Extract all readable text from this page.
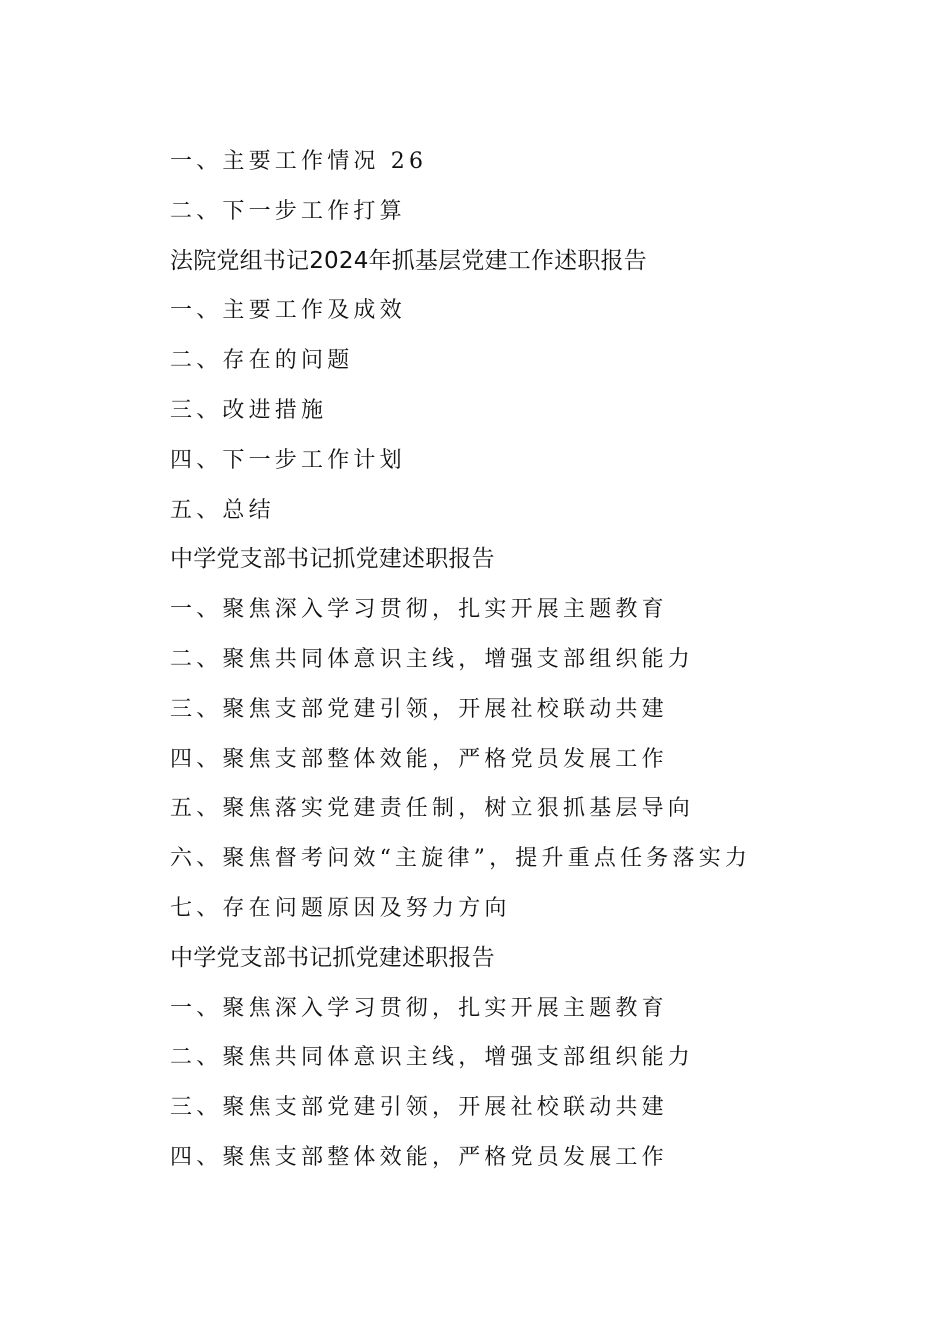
一、主要工作情况 26
二、下一步工作打算
法院党组书记2024年抓基层党建工作述职报告
一、主要工作及成效
二、存在的问题
三、改进措施
四、下一步工作计划
五、总结
中学党支部书记抓党建述职报告
一、聚焦深入学习贯彻，扎实开展主题教育
二、聚焦共同体意识主线，增强支部组织能力
三、聚焦支部党建引领，开展社校联动共建
四、聚焦支部整体效能，严格党员发展工作
五、聚焦落实党建责任制，树立狠抓基层导向
六、聚焦督考问效“主旋律”，提升重点任务落实力
七、存在问题原因及努力方向
中学党支部书记抓党建述职报告
一、聚焦深入学习贯彻，扎实开展主题教育
二、聚焦共同体意识主线，增强支部组织能力
三、聚焦支部党建引领，开展社校联动共建
四、聚焦支部整体效能，严格党员发展工作
